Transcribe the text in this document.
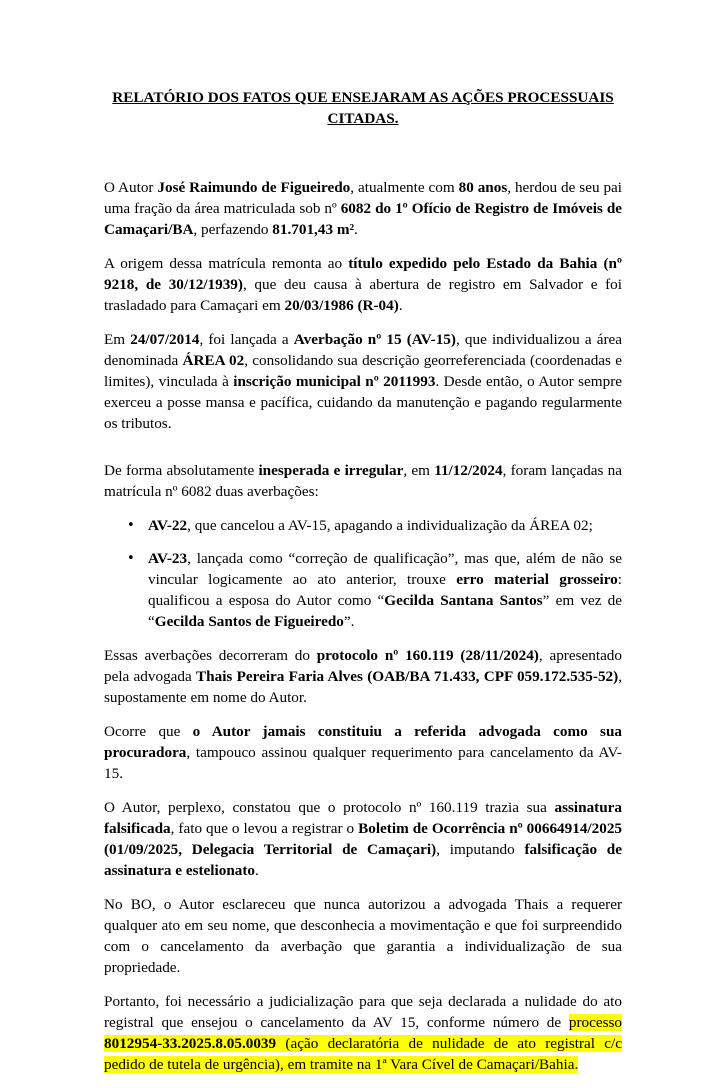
RELATÓRIO DOS FATOS QUE ENSEJARAM AS AÇÕES PROCESSUAIS CITADAS.

O Autor José Raimundo de Figueiredo, atualmente com 80 anos, herdou de seu pai uma fração da área matriculada sob nº 6082 do 1º Ofício de Registro de Imóveis de Camaçari/BA, perfazendo 81.701,43 m².

A origem dessa matrícula remonta ao título expedido pelo Estado da Bahia (nº 9218, de 30/12/1939), que deu causa à abertura de registro em Salvador e foi trasladado para Camaçari em 20/03/1986 (R-04).

Em 24/07/2014, foi lançada a Averbação nº 15 (AV-15), que individualizou a área denominada ÁREA 02, consolidando sua descrição georreferenciada (coordenadas e limites), vinculada à inscrição municipal nº 2011993. Desde então, o Autor sempre exerceu a posse mansa e pacífica, cuidando da manutenção e pagando regularmente os tributos.

De forma absolutamente inesperada e irregular, em 11/12/2024, foram lançadas na matrícula nº 6082 duas averbações:

• AV-22, que cancelou a AV-15, apagando a individualização da ÁREA 02;
• AV-23, lançada como “correção de qualificação”, mas que, além de não se vincular logicamente ao ato anterior, trouxe erro material grosseiro: qualificou a esposa do Autor como “Gecilda Santana Santos” em vez de “Gecilda Santos de Figueiredo”.

Essas averbações decorreram do protocolo nº 160.119 (28/11/2024), apresentado pela advogada Thais Pereira Faria Alves (OAB/BA 71.433, CPF 059.172.535-52), supostamente em nome do Autor.

Ocorre que o Autor jamais constituiu a referida advogada como sua procuradora, tampouco assinou qualquer requerimento para cancelamento da AV-15.

O Autor, perplexo, constatou que o protocolo nº 160.119 trazia sua assinatura falsificada, fato que o levou a registrar o Boletim de Ocorrência nº 00664914/2025 (01/09/2025, Delegacia Territorial de Camaçari), imputando falsificação de assinatura e estelionato.

No BO, o Autor esclareceu que nunca autorizou a advogada Thais a requerer qualquer ato em seu nome, que desconhecia a movimentação e que foi surpreendido com o cancelamento da averbação que garantia a individualização de sua propriedade.

Portanto, foi necessário a judicialização para que seja declarada a nulidade do ato registral que ensejou o cancelamento da AV 15, conforme número de processo 8012954-33.2025.8.05.0039 (ação declaratória de nulidade de ato registral c/c pedido de tutela de urgência), em tramite na 1ª Vara Cível de Camaçari/Bahia.
